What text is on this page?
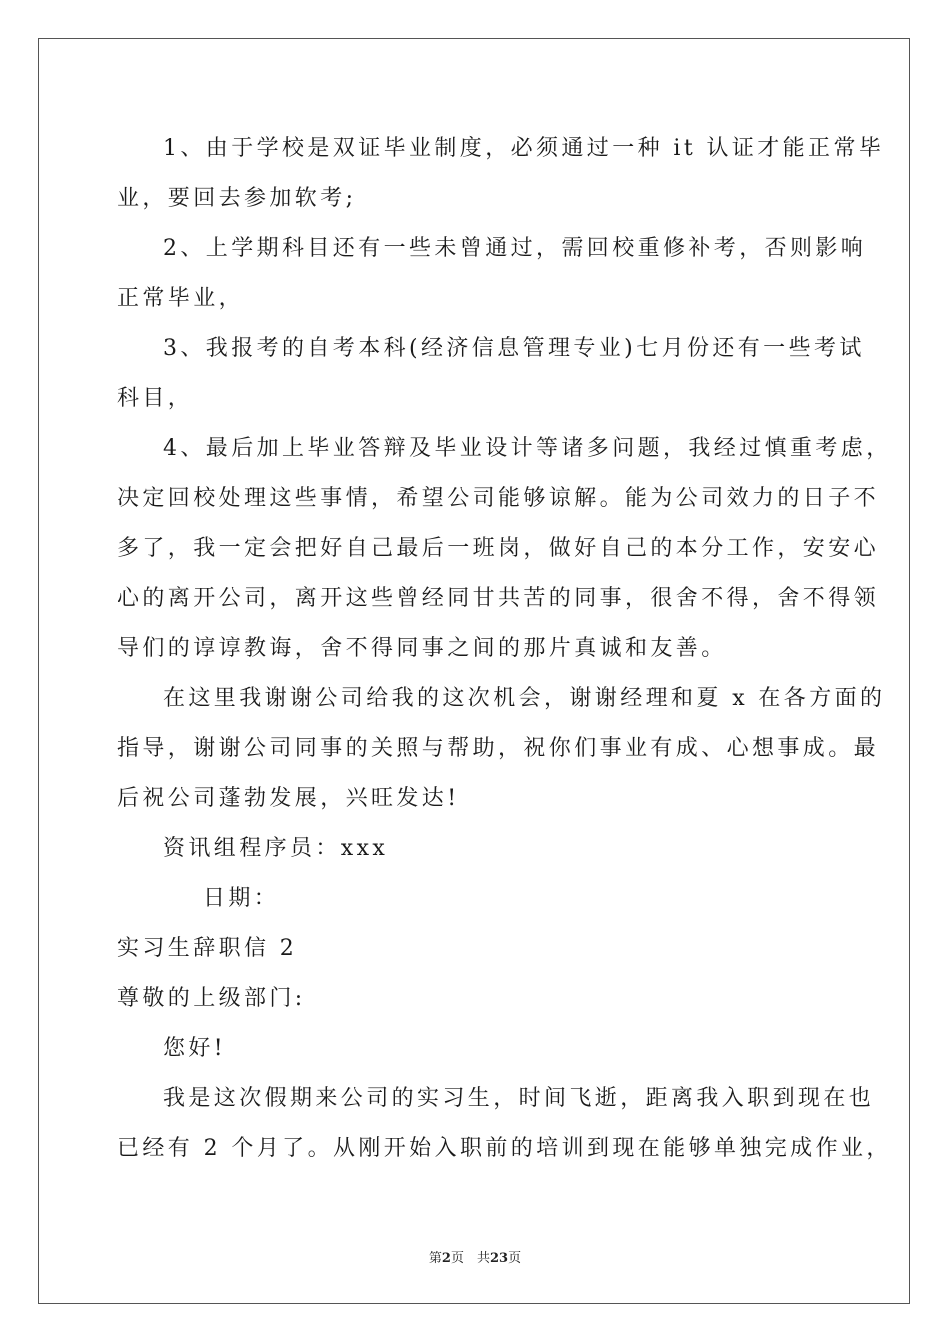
1、由于学校是双证毕业制度，必须通过一种 it 认证才能正常毕
业，要回去参加软考;
2、上学期科目还有一些未曾通过，需回校重修补考，否则影响
正常毕业，
3、我报考的自考本科(经济信息管理专业)七月份还有一些考试
科目，
4、最后加上毕业答辩及毕业设计等诸多问题，我经过慎重考虑，
决定回校处理这些事情，希望公司能够谅解。能为公司效力的日子不
多了，我一定会把好自己最后一班岗，做好自己的本分工作，安安心
心的离开公司，离开这些曾经同甘共苦的同事，很舍不得，舍不得领
导们的谆谆教诲，舍不得同事之间的那片真诚和友善。
在这里我谢谢公司给我的这次机会，谢谢经理和夏 x 在各方面的
指导，谢谢公司同事的关照与帮助，祝你们事业有成、心想事成。最
后祝公司蓬勃发展，兴旺发达!
资讯组程序员：xxx
日期：
实习生辞职信 2
尊敬的上级部门:
您好!
我是这次假期来公司的实习生，时间飞逝，距离我入职到现在也
已经有 2 个月了。从刚开始入职前的培训到现在能够单独完成作业，
第2页　共23页
